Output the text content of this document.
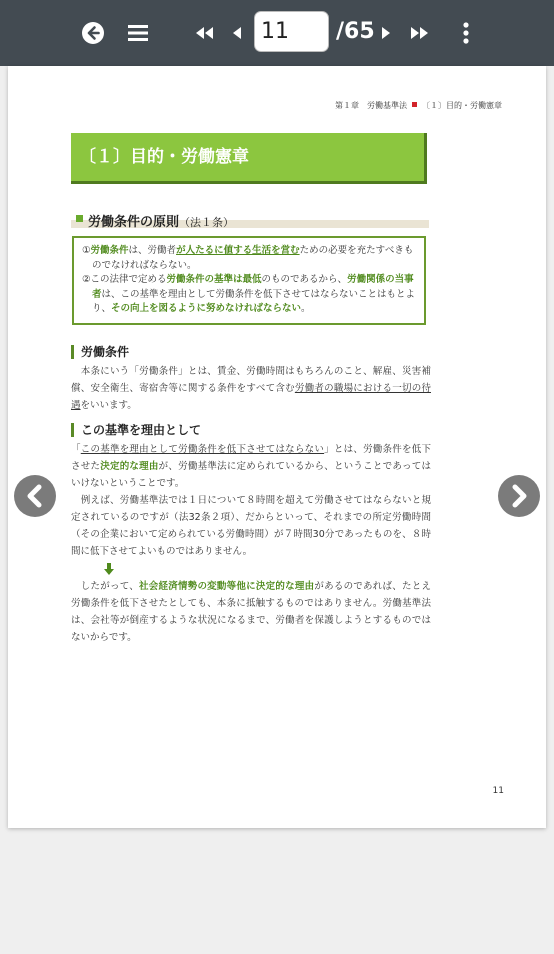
11
/65
第１章　労働基準法 〔１〕目的・労働憲章
〔１〕目的・労働憲章
労働条件の原則（法１条）

①労働条件は、労働者が人たるに値する生活を営むための必要を充たすべきものでなければならない。

②この法律で定める労働条件の基準は最低のものであるから、労働関係の当事者は、この基準を理由として労働条件を低下させてはならないことはもとより、その向上を図るように努めなければならない。

労働条件

　本条にいう「労働条件」とは、賃金、労働時間はもちろんのこと、解雇、災害補償、安全衛生、寄宿舎等に関する条件をすべて含む労働者の職場における一切の待遇をいいます。

この基準を理由として

「この基準を理由として労働条件を低下させてはならない」とは、労働条件を低下させた決定的な理由が、労働基準法に定められているから、ということであってはいけないということです。

　例えば、労働基準法では１日について８時間を超えて労働させてはならないと規定されているのですが（法32条２項）、だからといって、それまでの所定労働時間（その企業において定められている労働時間）が７時間30分であったものを、８時間に低下させてよいものではありません。

　したがって、社会経済情勢の変動等他に決定的な理由があるのであれば、たとえ労働条件を低下させたとしても、本条に抵触するものではありません。労働基準法は、会社等が倒産するような状況になるまで、労働者を保護しようとするものではないからです。

11
